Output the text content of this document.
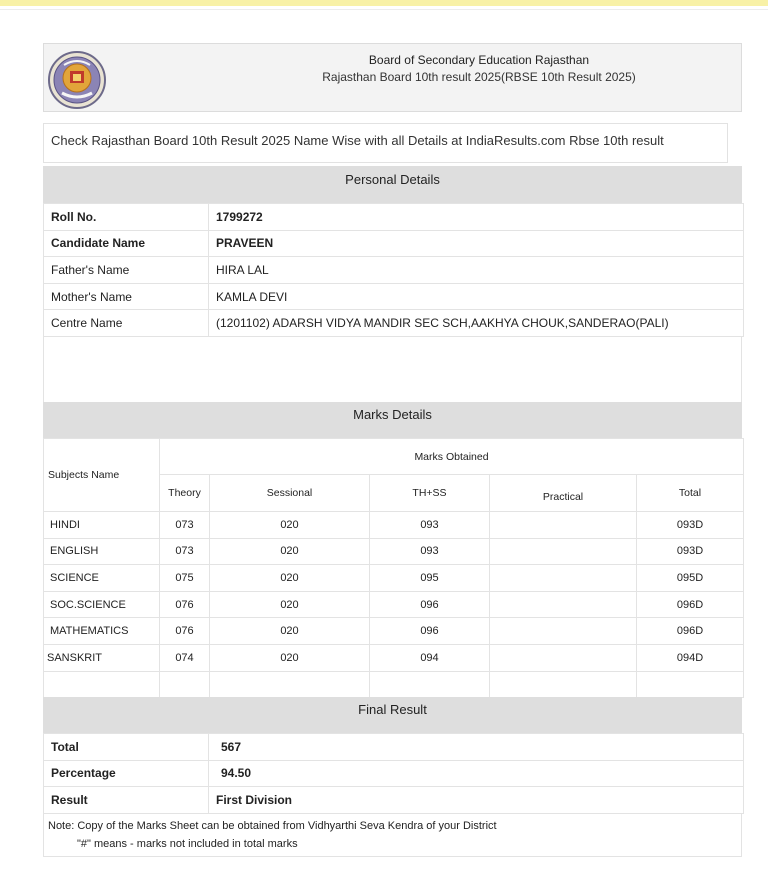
Board of Secondary Education Rajasthan
Rajasthan Board 10th result 2025(RBSE 10th Result 2025)
Check Rajasthan Board 10th Result 2025 Name Wise with all Details at IndiaResults.com Rbse 10th result
Personal Details
Roll No.	1799272
Candidate Name	PRAVEEN
Father's Name	HIRA LAL
Mother's Name	KAMLA DEVI
Centre Name	(1201102) ADARSH VIDYA MANDIR SEC SCH,AAKHYA CHOUK,SANDERAO(PALI)
Marks Details
Subjects Name	Marks Obtained				
	Theory	Sessional	TH+SS	Practical	Total
HINDI	073	020	093		093D
ENGLISH	073	020	093		093D
SCIENCE	075	020	095		095D
SOC.SCIENCE	076	020	096		096D
MATHEMATICS	076	020	096		096D
SANSKRIT	074	020	094		094D

Final Result
Total	567
Percentage	94.50
Result	First Division
Note: Copy of the Marks Sheet can be obtained from Vidhyarthi Seva Kendra of your District
"#" means - marks not included in total marks
